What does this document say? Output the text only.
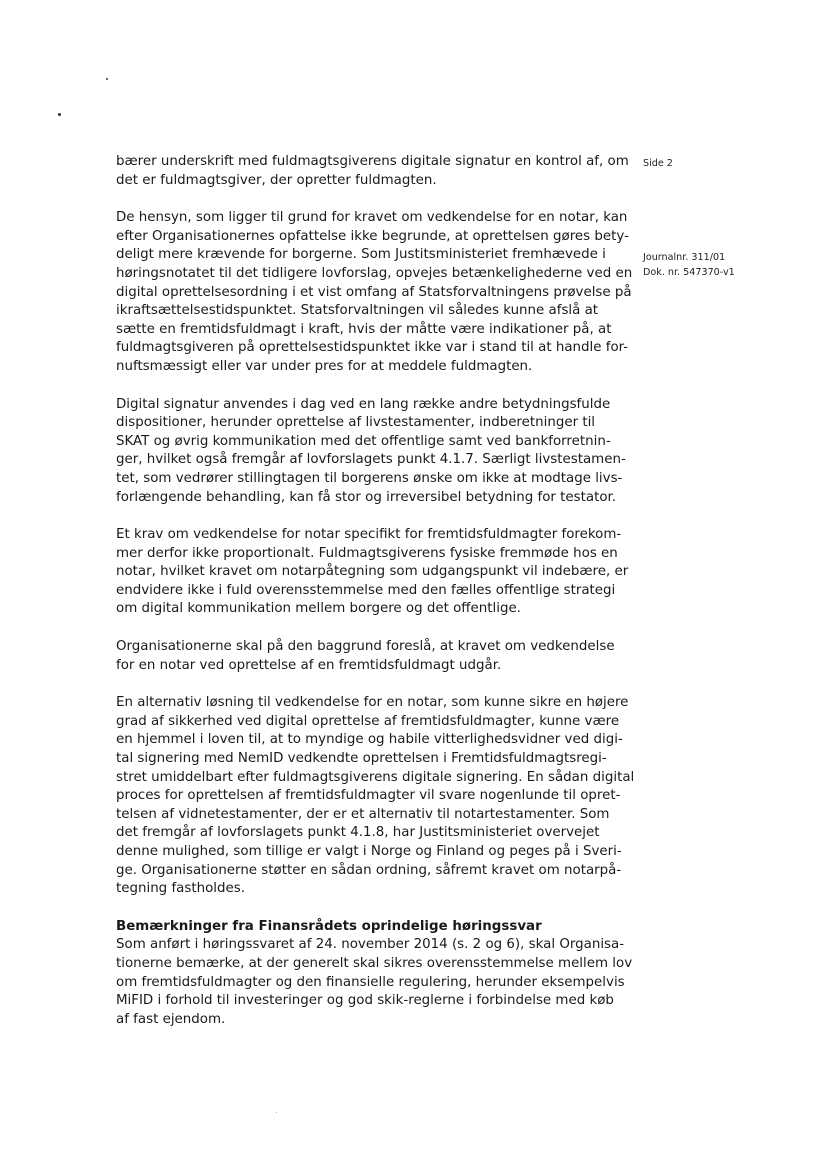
Side 2
Journalnr. 311/01
Dok. nr. 547370-v1

bærer underskrift med fuldmagtsgiverens digitale signatur en kontrol af, om
det er fuldmagtsgiver, der opretter fuldmagten.

De hensyn, som ligger til grund for kravet om vedkendelse for en notar, kan
efter Organisationernes opfattelse ikke begrunde, at oprettelsen gøres bety-
deligt mere krævende for borgerne. Som Justitsministeriet fremhævede i
høringsnotatet til det tidligere lovforslag, opvejes betænkelighederne ved en
digital oprettelsesordning i et vist omfang af Statsforvaltningens prøvelse på
ikraftsættelsestidspunktet. Statsforvaltningen vil således kunne afslå at
sætte en fremtidsfuldmagt i kraft, hvis der måtte være indikationer på, at
fuldmagtsgiveren på oprettelsestidspunktet ikke var i stand til at handle for-
nuftsmæssigt eller var under pres for at meddele fuldmagten.

Digital signatur anvendes i dag ved en lang række andre betydningsfulde
dispositioner, herunder oprettelse af livstestamenter, indberetninger til
SKAT og øvrig kommunikation med det offentlige samt ved bankforretnin-
ger, hvilket også fremgår af lovforslagets punkt 4.1.7. Særligt livstestamen-
tet, som vedrører stillingtagen til borgerens ønske om ikke at modtage livs-
forlængende behandling, kan få stor og irreversibel betydning for testator.

Et krav om vedkendelse for notar specifikt for fremtidsfuldmagter forekom-
mer derfor ikke proportionalt. Fuldmagtsgiverens fysiske fremmøde hos en
notar, hvilket kravet om notarpåtegning som udgangspunkt vil indebære, er
endvidere ikke i fuld overensstemmelse med den fælles offentlige strategi
om digital kommunikation mellem borgere og det offentlige.

Organisationerne skal på den baggrund foreslå, at kravet om vedkendelse
for en notar ved oprettelse af en fremtidsfuldmagt udgår.

En alternativ løsning til vedkendelse for en notar, som kunne sikre en højere
grad af sikkerhed ved digital oprettelse af fremtidsfuldmagter, kunne være
en hjemmel i loven til, at to myndige og habile vitterlighedsvidner ved digi-
tal signering med NemID vedkendte oprettelsen i Fremtidsfuldmagtsregi-
stret umiddelbart efter fuldmagtsgiverens digitale signering. En sådan digital
proces for oprettelsen af fremtidsfuldmagter vil svare nogenlunde til opret-
telsen af vidnetestamenter, der er et alternativ til notartestamenter. Som
det fremgår af lovforslagets punkt 4.1.8, har Justitsministeriet overvejet
denne mulighed, som tillige er valgt i Norge og Finland og peges på i Sveri-
ge. Organisationerne støtter en sådan ordning, såfremt kravet om notarpå-
tegning fastholdes.

Bemærkninger fra Finansrådets oprindelige høringssvar
Som anført i høringssvaret af 24. november 2014 (s. 2 og 6), skal Organisa-
tionerne bemærke, at der generelt skal sikres overensstemmelse mellem lov
om fremtidsfuldmagter og den finansielle regulering, herunder eksempelvis
MiFID i forhold til investeringer og god skik-reglerne i forbindelse med køb
af fast ejendom.
